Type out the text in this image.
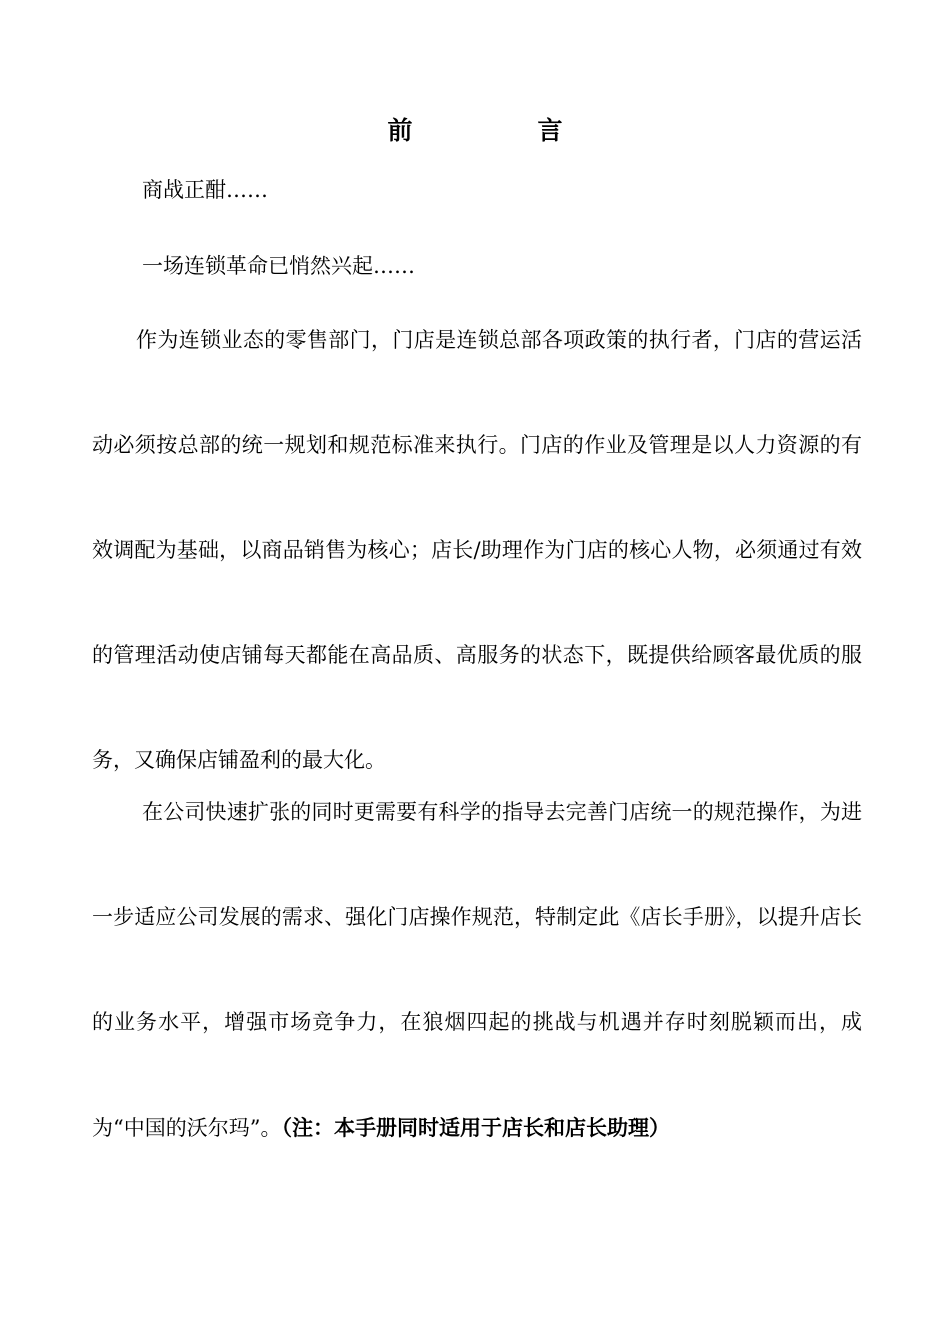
前　言

商战正酣……

一场连锁革命已悄然兴起……

作为连锁业态的零售部门，门店是连锁总部各项政策的执行者，门店的营运活动必须按总部的统一规划和规范标准来执行。门店的作业及管理是以人力资源的有效调配为基础，以商品销售为核心；店长/助理作为门店的核心人物，必须通过有效的管理活动使店铺每天都能在高品质、高服务的状态下，既提供给顾客最优质的服务，又确保店铺盈利的最大化。

在公司快速扩张的同时更需要有科学的指导去完善门店统一的规范操作，为进一步适应公司发展的需求、强化门店操作规范，特制定此《店长手册》，以提升店长的业务水平，增强市场竞争力，在狼烟四起的挑战与机遇并存时刻脱颖而出，成为“中国的沃尔玛”。（注：本手册同时适用于店长和店长助理）
